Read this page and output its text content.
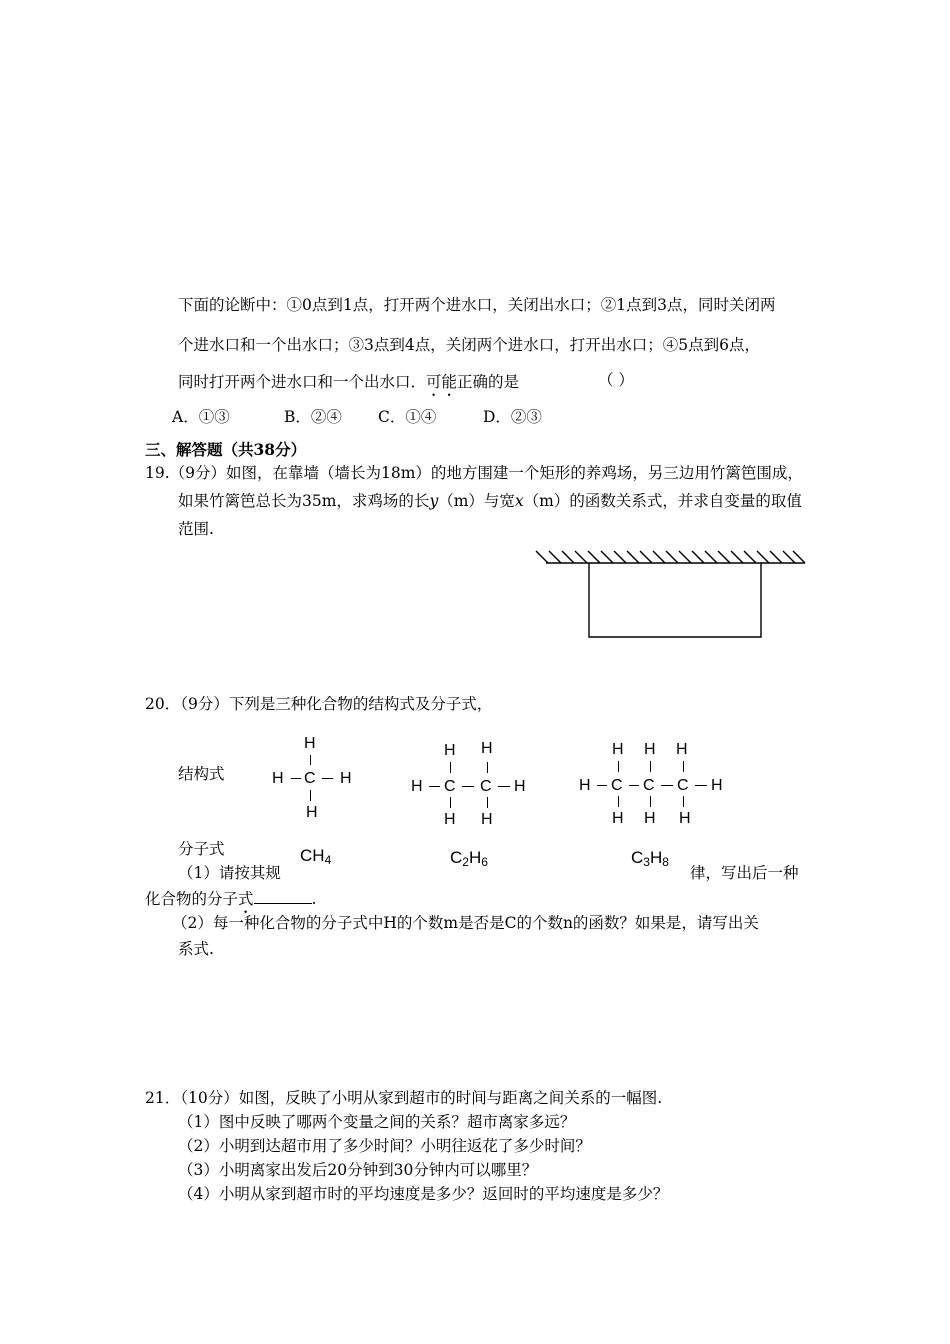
下面的论断中：①0点到1点，打开两个进水口，关闭出水口；②1点到3点，同时关闭两
个进水口和一个出水口；③3点到4点，关闭两个进水口，打开出水口；④5点到6点，
同时打开两个进水口和一个出水口．可能正确的是	（ ）
A．①③	B．②④ C．①④	D．②③
三、解答题（共38分）
19.（9分）如图，在靠墙（墙长为18m）的地方围建一个矩形的养鸡场，另三边用竹篱笆围成，
如果竹篱笆总长为35m，求鸡场的长y（m）与宽x（m）的函数关系式，并求自变量的取值
范围.
20．（9分）下列是三种化合物的结构式及分子式，
结构式
H
H C H
H
H H
H C C H
H H
H H H
H C C C H
H H H
分子式	$CH_4$	$C_2H_6$	$C_3H_8$
（1）请按其规	律，写出后一种
化合物的分子式	.
（2）每一种化合物的分子式中H的个数m是否是C的个数n的函数？如果是，请写出关
系式.
21．（10分）如图，反映了小明从家到超市的时间与距离之间关系的一幅图.
（1）图中反映了哪两个变量之间的关系？超市离家多远？
（2）小明到达超市用了多少时间？小明往返花了多少时间？
（3）小明离家出发后20分钟到30分钟内可以哪里？
（4）小明从家到超市时的平均速度是多少？返回时的平均速度是多少？
